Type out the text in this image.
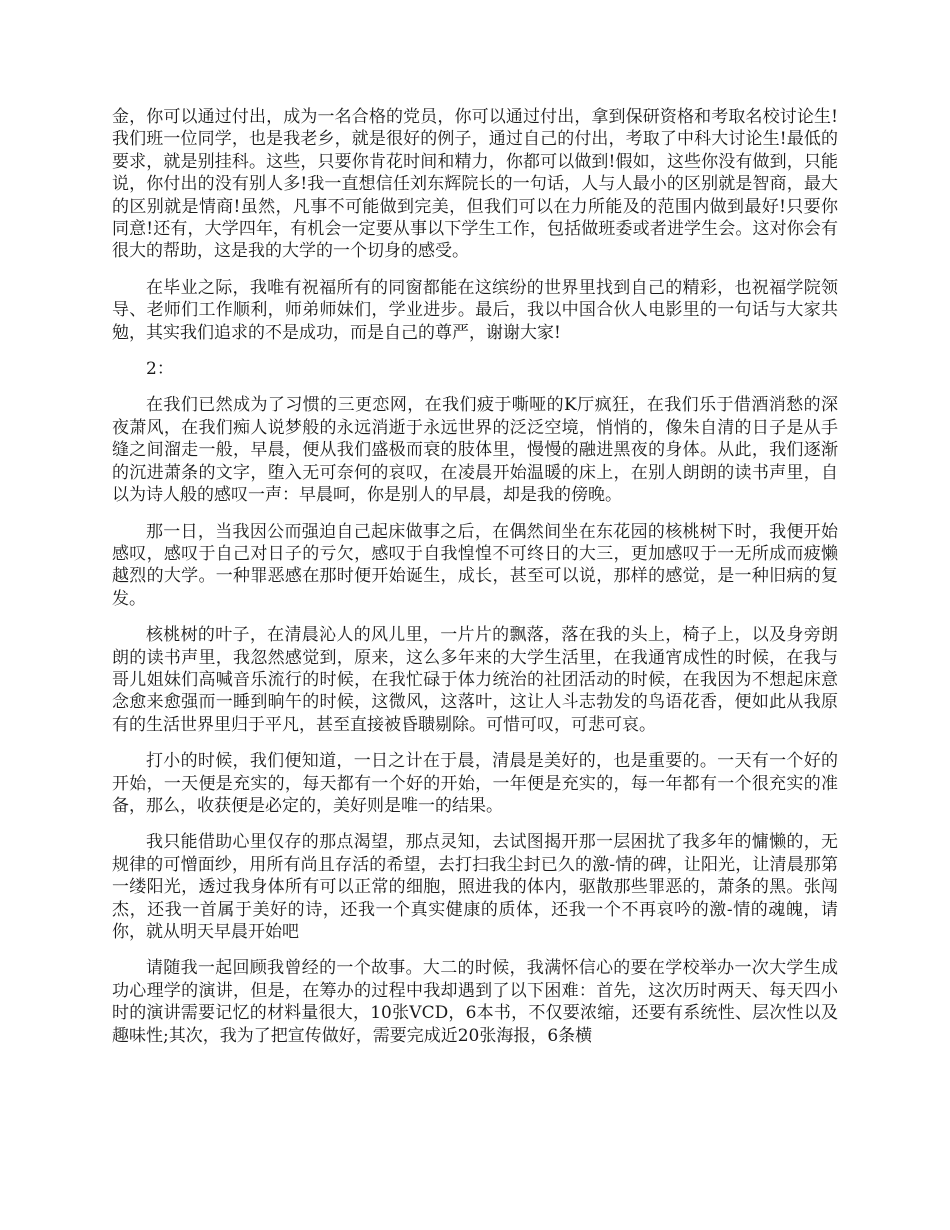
金，你可以通过付出，成为一名合格的党员，你可以通过付出，拿到保研资格和考取名校讨论生!我们班一位同学，也是我老乡，就是很好的例子，通过自己的付出，考取了中科大讨论生!最低的要求，就是别挂科。这些，只要你肯花时间和精力，你都可以做到!假如，这些你没有做到，只能说，你付出的没有别人多!我一直想信任刘东辉院长的一句话，人与人最小的区别就是智商，最大的区别就是情商!虽然，凡事不可能做到完美，但我们可以在力所能及的范围内做到最好!只要你同意!还有，大学四年，有机会一定要从事以下学生工作，包括做班委或者进学生会。这对你会有很大的帮助，这是我的大学的一个切身的感受。

在毕业之际，我唯有祝福所有的同窗都能在这缤纷的世界里找到自己的精彩，也祝福学院领导、老师们工作顺利，师弟师妹们，学业进步。最后，我以中国合伙人电影里的一句话与大家共勉，其实我们追求的不是成功，而是自己的尊严，谢谢大家!

2：

在我们已然成为了习惯的三更恋网，在我们疲于嘶哑的K厅疯狂，在我们乐于借酒消愁的深夜萧风，在我们痴人说梦般的永远消逝于永远世界的泛泛空境，悄悄的，像朱自清的日子是从手缝之间溜走一般，早晨，便从我们盛极而衰的肢体里，慢慢的融进黑夜的身体。从此，我们逐渐的沉进萧条的文字，堕入无可奈何的哀叹，在凌晨开始温暖的床上，在别人朗朗的读书声里，自以为诗人般的感叹一声：早晨呵，你是别人的早晨，却是我的傍晚。

那一日，当我因公而强迫自己起床做事之后，在偶然间坐在东花园的核桃树下时，我便开始感叹，感叹于自己对日子的亏欠，感叹于自我惶惶不可终日的大三，更加感叹于一无所成而疲懒越烈的大学。一种罪恶感在那时便开始诞生，成长，甚至可以说，那样的感觉，是一种旧病的复发。

核桃树的叶子，在清晨沁人的风儿里，一片片的飘落，落在我的头上，椅子上，以及身旁朗朗的读书声里，我忽然感觉到，原来，这么多年来的大学生活里，在我通宵成性的时候，在我与哥儿姐妹们高喊音乐流行的时候，在我忙碌于体力统治的社团活动的时候，在我因为不想起床意念愈来愈强而一睡到晌午的时候，这微风，这落叶，这让人斗志勃发的鸟语花香，便如此从我原有的生活世界里归于平凡，甚至直接被昏聩剔除。可惜可叹，可悲可哀。

打小的时候，我们便知道，一日之计在于晨，清晨是美好的，也是重要的。一天有一个好的开始，一天便是充实的，每天都有一个好的开始，一年便是充实的，每一年都有一个很充实的准备，那么，收获便是必定的，美好则是唯一的结果。

我只能借助心里仅存的那点渴望，那点灵知，去试图揭开那一层困扰了我多年的慵懒的，无规律的可憎面纱，用所有尚且存活的希望，去打扫我尘封已久的激-情的碑，让阳光，让清晨那第一缕阳光，透过我身体所有可以正常的细胞，照进我的体内，驱散那些罪恶的，萧条的黑。张闯杰，还我一首属于美好的诗，还我一个真实健康的质体，还我一个不再哀吟的激-情的魂魄，请你，就从明天早晨开始吧

请随我一起回顾我曾经的一个故事。大二的时候，我满怀信心的要在学校举办一次大学生成功心理学的演讲，但是，在筹办的过程中我却遇到了以下困难：首先，这次历时两天、每天四小时的演讲需要记忆的材料量很大，10张VCD，6本书，不仅要浓缩，还要有系统性、层次性以及趣味性;其次，我为了把宣传做好，需要完成近20张海报，6条横
